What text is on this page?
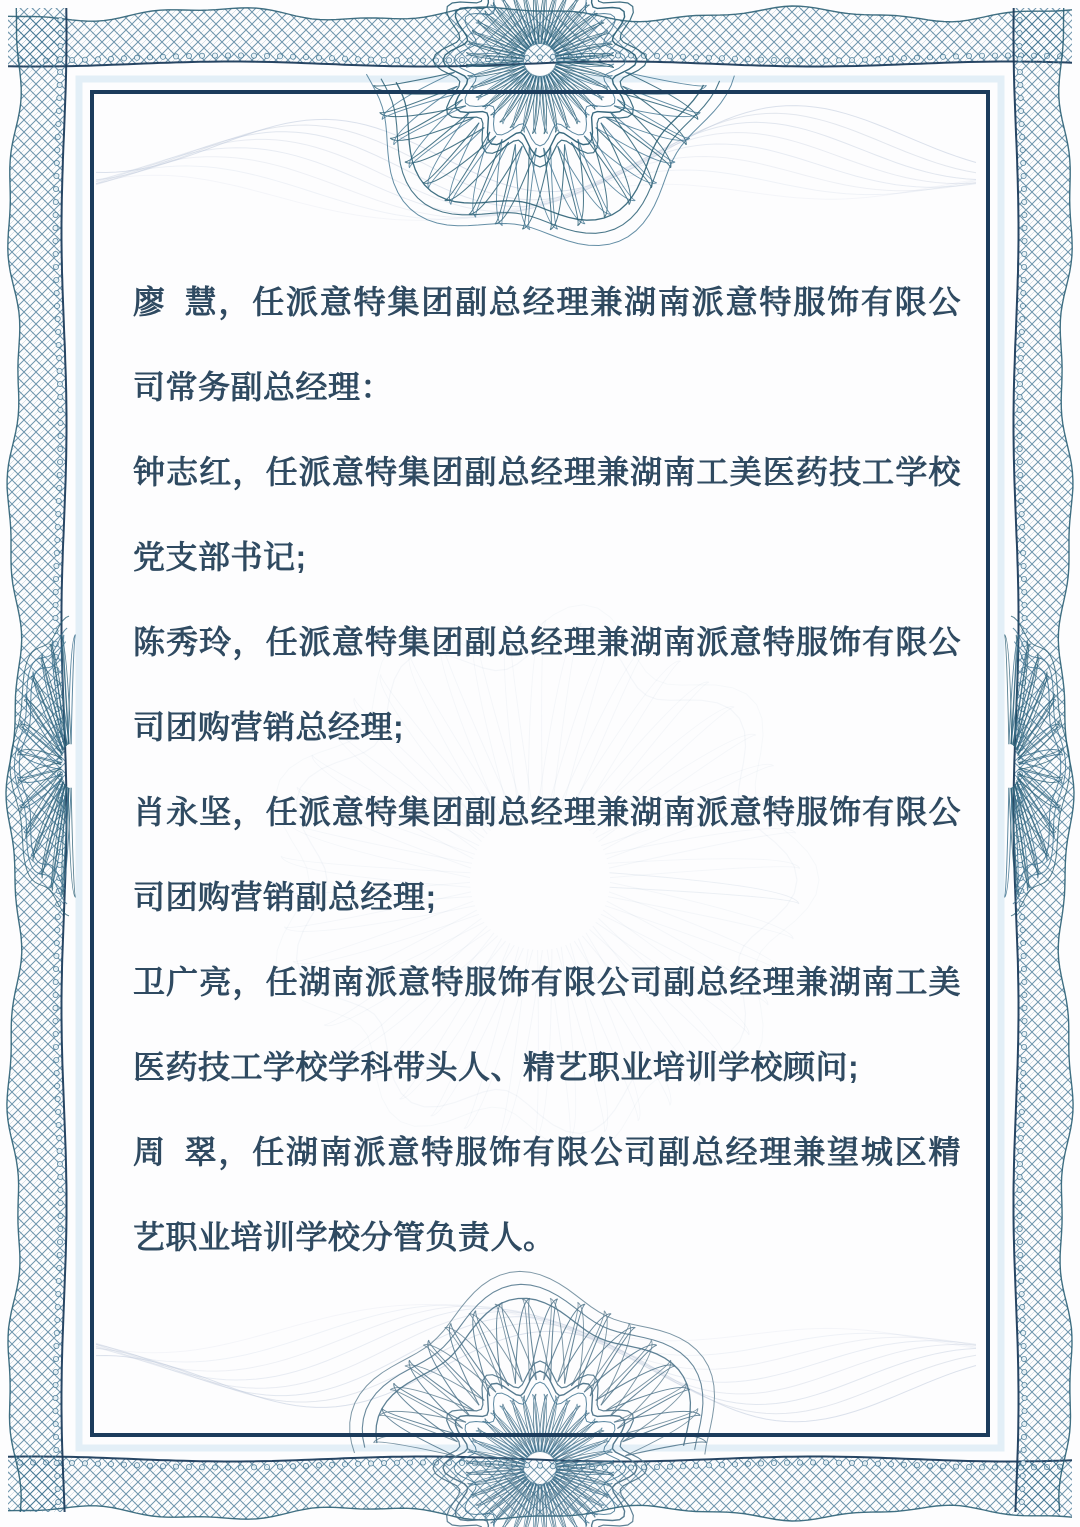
廖 慧，任派意特集团副总经理兼湖南派意特服饰有限公司常务副总经理：

钟志红，任派意特集团副总经理兼湖南工美医药技工学校党支部书记;

陈秀玲，任派意特集团副总经理兼湖南派意特服饰有限公司团购营销总经理;

肖永坚，任派意特集团副总经理兼湖南派意特服饰有限公司团购营销副总经理;

卫广亮，任湖南派意特服饰有限公司副总经理兼湖南工美医药技工学校学科带头人、精艺职业培训学校顾问;

周 翠，任湖南派意特服饰有限公司副总经理兼望城区精艺职业培训学校分管负责人。
